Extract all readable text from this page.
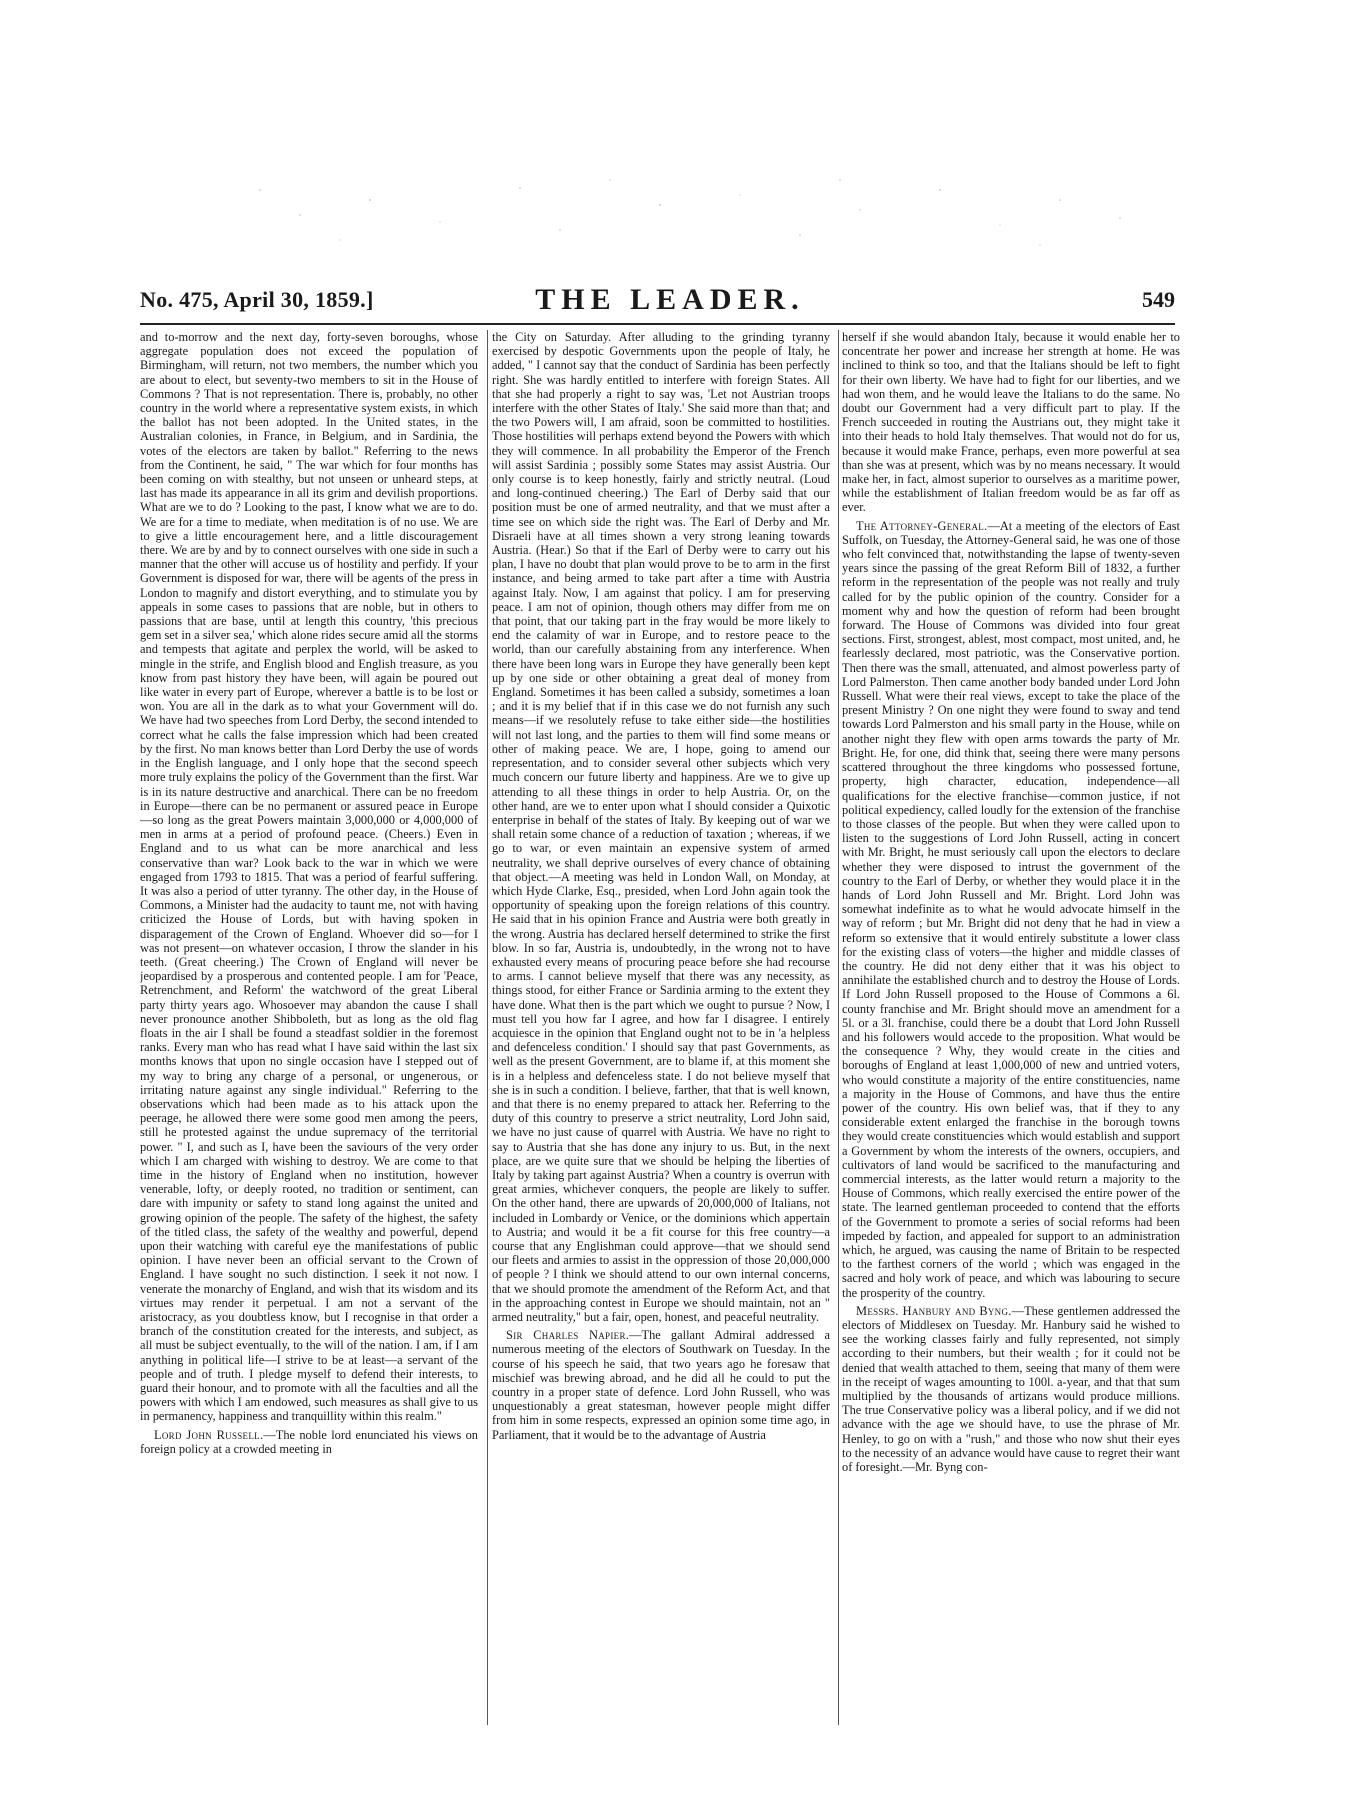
No. 475, April 30, 1859.]	THE LEADER.	549

and to-morrow and the next day, forty-seven boroughs, whose aggregate population does not exceed the population of Birmingham, will return, not two members, the number which you are about to elect, but seventy-two members to sit in the House of Commons ? That is not representation. There is, probably, no other country in the world where a representative system exists, in which the ballot has not been adopted. In the United states, in the Australian colonies, in France, in Belgium, and in Sardinia, the votes of the electors are taken by ballot." Referring to the news from the Continent, he said, " The war which for four months has been coming on with stealthy, but not unseen or unheard steps, at last has made its appearance in all its grim and devilish proportions. What are we to do ? Looking to the past, I know what we are to do. We are for a time to mediate, when meditation is of no use. We are to give a little encouragement here, and a little discouragement there. We are by and by to connect ourselves with one side in such a manner that the other will accuse us of hostility and perfidy. If your Government is disposed for war, there will be agents of the press in London to magnify and distort everything, and to stimulate you by appeals in some cases to passions that are noble, but in others to passions that are base, until at length this country, 'this precious gem set in a silver sea,' which alone rides secure amid all the storms and tempests that agitate and perplex the world, will be asked to mingle in the strife, and English blood and English treasure, as you know from past history they have been, will again be poured out like water in every part of Europe, wherever a battle is to be lost or won. You are all in the dark as to what your Government will do. We have had two speeches from Lord Derby, the second intended to correct what he calls the false impression which had been created by the first. No man knows better than Lord Derby the use of words in the English language, and I only hope that the second speech more truly explains the policy of the Government than the first. War is in its nature destructive and anarchical. There can be no freedom in Europe—there can be no permanent or assured peace in Europe—so long as the great Powers maintain 3,000,000 or 4,000,000 of men in arms at a period of profound peace. (Cheers.) Even in England and to us what can be more anarchical and less conservative than war? Look back to the war in which we were engaged from 1793 to 1815. That was a period of fearful suffering. It was also a period of utter tyranny. The other day, in the House of Commons, a Minister had the audacity to taunt me, not with having criticized the House of Lords, but with having spoken in disparagement of the Crown of England. Whoever did so—for I was not present—on whatever occasion, I throw the slander in his teeth. (Great cheering.) The Crown of England will never be jeopardised by a prosperous and contented people. I am for 'Peace, Retrenchment, and Reform' the watchword of the great Liberal party thirty years ago. Whosoever may abandon the cause I shall never pronounce another Shibboleth, but as long as the old flag floats in the air I shall be found a steadfast soldier in the foremost ranks. Every man who has read what I have said within the last six months knows that upon no single occasion have I stepped out of my way to bring any charge of a personal, or ungenerous, or irritating nature against any single individual." Referring to the observations which had been made as to his attack upon the peerage, he allowed there were some good men among the peers, still he protested against the undue supremacy of the territorial power. " I, and such as I, have been the saviours of the very order which I am charged with wishing to destroy. We are come to that time in the history of England when no institution, however venerable, lofty, or deeply rooted, no tradition or sentiment, can dare with impunity or safety to stand long against the united and growing opinion of the people. The safety of the highest, the safety of the titled class, the safety of the wealthy and powerful, depend upon their watching with careful eye the manifestations of public opinion. I have never been an official servant to the Crown of England. I have sought no such distinction. I seek it not now. I venerate the monarchy of England, and wish that its wisdom and its virtues may render it perpetual. I am not a servant of the aristocracy, as you doubtless know, but I recognise in that order a branch of the constitution created for the interests, and subject, as all must be subject eventually, to the will of the nation. I am, if I am anything in political life—I strive to be at least—a servant of the people and of truth. I pledge myself to defend their interests, to guard their honour, and to promote with all the faculties and all the powers with which I am endowed, such measures as shall give to us in permanency, happiness and tranquillity within this realm."

Lord John Russell.—The noble lord enunciated his views on foreign policy at a crowded meeting in

the City on Saturday. After alluding to the grinding tyranny exercised by despotic Governments upon the people of Italy, he added, " I cannot say that the conduct of Sardinia has been perfectly right. She was hardly entitled to interfere with foreign States. All that she had properly a right to say was, 'Let not Austrian troops interfere with the other States of Italy.' She said more than that; and the two Powers will, I am afraid, soon be committed to hostilities. Those hostilities will perhaps extend beyond the Powers with which they will commence. In all probability the Emperor of the French will assist Sardinia ; possibly some States may assist Austria. Our only course is to keep honestly, fairly and strictly neutral. (Loud and long-continued cheering.) The Earl of Derby said that our position must be one of armed neutrality, and that we must after a time see on which side the right was. The Earl of Derby and Mr. Disraeli have at all times shown a very strong leaning towards Austria. (Hear.) So that if the Earl of Derby were to carry out his plan, I have no doubt that plan would prove to be to arm in the first instance, and being armed to take part after a time with Austria against Italy. Now, I am against that policy. I am for preserving peace. I am not of opinion, though others may differ from me on that point, that our taking part in the fray would be more likely to end the calamity of war in Europe, and to restore peace to the world, than our carefully abstaining from any interference. When there have been long wars in Europe they have generally been kept up by one side or other obtaining a great deal of money from England. Sometimes it has been called a subsidy, sometimes a loan ; and it is my belief that if in this case we do not furnish any such means—if we resolutely refuse to take either side—the hostilities will not last long, and the parties to them will find some means or other of making peace. We are, I hope, going to amend our representation, and to consider several other subjects which very much concern our future liberty and happiness. Are we to give up attending to all these things in order to help Austria. Or, on the other hand, are we to enter upon what I should consider a Quixotic enterprise in behalf of the states of Italy. By keeping out of war we shall retain some chance of a reduction of taxation ; whereas, if we go to war, or even maintain an expensive system of armed neutrality, we shall deprive ourselves of every chance of obtaining that object.—A meeting was held in London Wall, on Monday, at which Hyde Clarke, Esq., presided, when Lord John again took the opportunity of speaking upon the foreign relations of this country. He said that in his opinion France and Austria were both greatly in the wrong. Austria has declared herself determined to strike the first blow. In so far, Austria is, undoubtedly, in the wrong not to have exhausted every means of procuring peace before she had recourse to arms. I cannot believe myself that there was any necessity, as things stood, for either France or Sardinia arming to the extent they have done. What then is the part which we ought to pursue ? Now, I must tell you how far I agree, and how far I disagree. I entirely acquiesce in the opinion that England ought not to be in 'a helpless and defenceless condition.' I should say that past Governments, as well as the present Government, are to blame if, at this moment she is in a helpless and defenceless state. I do not believe myself that she is in such a condition. I believe, farther, that that is well known, and that there is no enemy prepared to attack her. Referring to the duty of this country to preserve a strict neutrality, Lord John said, we have no just cause of quarrel with Austria. We have no right to say to Austria that she has done any injury to us. But, in the next place, are we quite sure that we should be helping the liberties of Italy by taking part against Austria? When a country is overrun with great armies, whichever conquers, the people are likely to suffer. On the other hand, there are upwards of 20,000,000 of Italians, not included in Lombardy or Venice, or the dominions which appertain to Austria; and would it be a fit course for this free country—a course that any Englishman could approve—that we should send our fleets and armies to assist in the oppression of those 20,000,000 of people ? I think we should attend to our own internal concerns, that we should promote the amendment of the Reform Act, and that in the approaching contest in Europe we should maintain, not an " armed neutrality," but a fair, open, honest, and peaceful neutrality.

Sir Charles Napier.—The gallant Admiral addressed a numerous meeting of the electors of Southwark on Tuesday. In the course of his speech he said, that two years ago he foresaw that mischief was brewing abroad, and he did all he could to put the country in a proper state of defence. Lord John Russell, who was unquestionably a great statesman, however people might differ from him in some respects, expressed an opinion some time ago, in Parliament, that it would be to the advantage of Austria

herself if she would abandon Italy, because it would enable her to concentrate her power and increase her strength at home. He was inclined to think so too, and that the Italians should be left to fight for their own liberty. We have had to fight for our liberties, and we had won them, and he would leave the Italians to do the same. No doubt our Government had a very difficult part to play. If the French succeeded in routing the Austrians out, they might take it into their heads to hold Italy themselves. That would not do for us, because it would make France, perhaps, even more powerful at sea than she was at present, which was by no means necessary. It would make her, in fact, almost superior to ourselves as a maritime power, while the establishment of Italian freedom would be as far off as ever.

The Attorney-General.—At a meeting of the electors of East Suffolk, on Tuesday, the Attorney-General said, he was one of those who felt convinced that, notwithstanding the lapse of twenty-seven years since the passing of the great Reform Bill of 1832, a further reform in the representation of the people was not really and truly called for by the public opinion of the country. Consider for a moment why and how the question of reform had been brought forward. The House of Commons was divided into four great sections. First, strongest, ablest, most compact, most united, and, he fearlessly declared, most patriotic, was the Conservative portion. Then there was the small, attenuated, and almost powerless party of Lord Palmerston. Then came another body banded under Lord John Russell. What were their real views, except to take the place of the present Ministry ? On one night they were found to sway and tend towards Lord Palmerston and his small party in the House, while on another night they flew with open arms towards the party of Mr. Bright. He, for one, did think that, seeing there were many persons scattered throughout the three kingdoms who possessed fortune, property, high character, education, independence—all qualifications for the elective franchise—common justice, if not political expediency, called loudly for the extension of the franchise to those classes of the people. But when they were called upon to listen to the suggestions of Lord John Russell, acting in concert with Mr. Bright, he must seriously call upon the electors to declare whether they were disposed to intrust the government of the country to the Earl of Derby, or whether they would place it in the hands of Lord John Russell and Mr. Bright. Lord John was somewhat indefinite as to what he would advocate himself in the way of reform ; but Mr. Bright did not deny that he had in view a reform so extensive that it would entirely substitute a lower class for the existing class of voters—the higher and middle classes of the country. He did not deny either that it was his object to annihilate the established church and to destroy the House of Lords. If Lord John Russell proposed to the House of Commons a 6l. county franchise and Mr. Bright should move an amendment for a 5l. or a 3l. franchise, could there be a doubt that Lord John Russell and his followers would accede to the proposition. What would be the consequence ? Why, they would create in the cities and boroughs of England at least 1,000,000 of new and untried voters, who would constitute a majority of the entire constituencies, name a majority in the House of Commons, and have thus the entire power of the country. His own belief was, that if they to any considerable extent enlarged the franchise in the borough towns they would create constituencies which would establish and support a Government by whom the interests of the owners, occupiers, and cultivators of land would be sacrificed to the manufacturing and commercial interests, as the latter would return a majority to the House of Commons, which really exercised the entire power of the state. The learned gentleman proceeded to contend that the efforts of the Government to promote a series of social reforms had been impeded by faction, and appealed for support to an administration which, he argued, was causing the name of Britain to be respected to the farthest corners of the world ; which was engaged in the sacred and holy work of peace, and which was labouring to secure the prosperity of the country.

Messrs. Hanbury and Byng.—These gentlemen addressed the electors of Middlesex on Tuesday. Mr. Hanbury said he wished to see the working classes fairly and fully represented, not simply according to their numbers, but their wealth ; for it could not be denied that wealth attached to them, seeing that many of them were in the receipt of wages amounting to 100l. a-year, and that that sum multiplied by the thousands of artizans would produce millions. The true Conservative policy was a liberal policy, and if we did not advance with the age we should have, to use the phrase of Mr. Henley, to go on with a "rush," and those who now shut their eyes to the necessity of an advance would have cause to regret their want of foresight.—Mr. Byng con-
